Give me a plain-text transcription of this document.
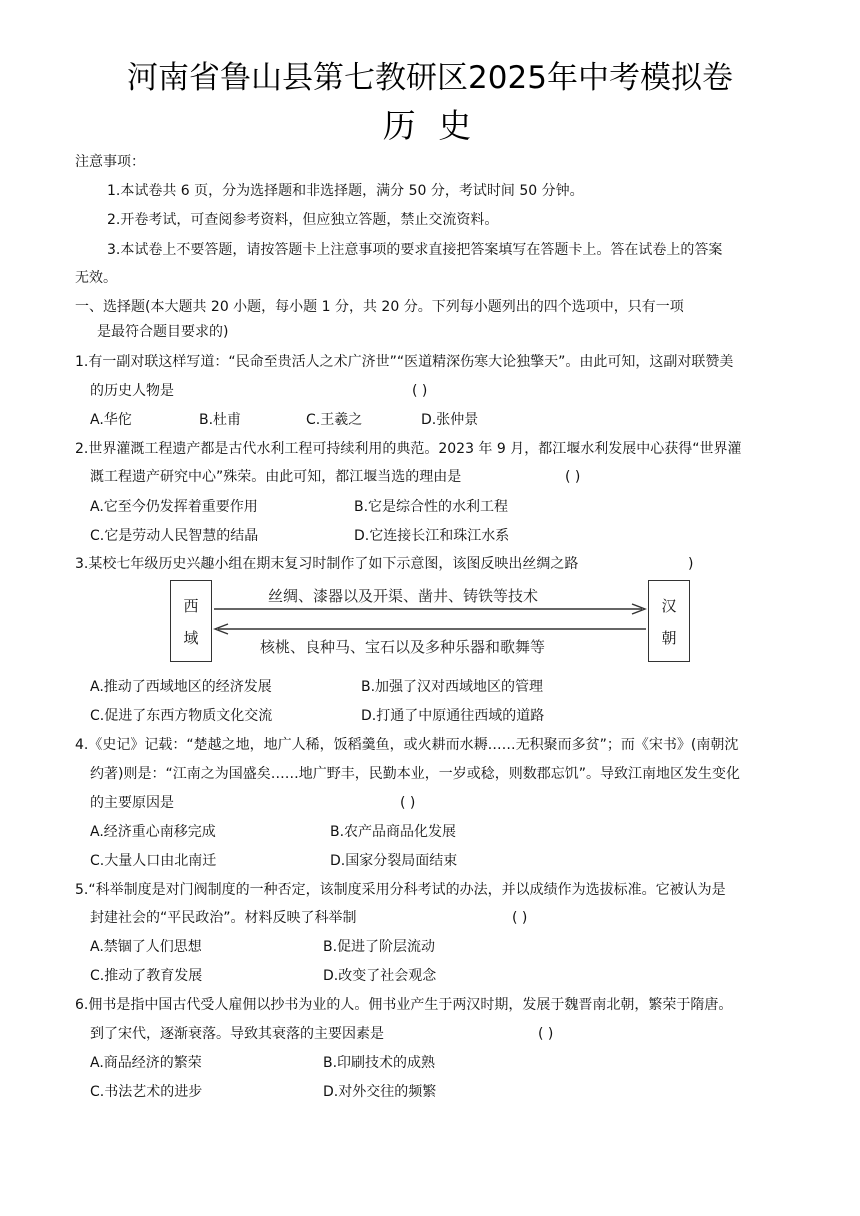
河南省鲁山县第七教研区2025年中考模拟卷
历 史
注意事项：
1.本试卷共 6 页，分为选择题和非选择题，满分 50 分，考试时间 50 分钟。
2.开卷考试，可查阅参考资料，但应独立答题，禁止交流资料。
3.本试卷上不要答题，请按答题卡上注意事项的要求直接把答案填写在答题卡上。答在试卷上的答案
无效。
一、选择题(本大题共 20 小题，每小题 1 分，共 20 分。下列每小题列出的四个选项中，只有一项
是最符合题目要求的)
1.有一副对联这样写道：“民命至贵活人之术广济世”“医道精深伤寒大论独擎天”。由此可知，这副对联赞美
的历史人物是	( )
A.华佗	B.杜甫	C.王羲之	D.张仲景
2.世界灌溉工程遗产都是古代水利工程可持续利用的典范。2023 年 9 月，都江堰水利发展中心获得“世界灌
溉工程遗产研究中心”殊荣。由此可知，都江堰当选的理由是	( )
A.它至今仍发挥着重要作用	B.它是综合性的水利工程
C.它是劳动人民智慧的结晶	D.它连接长江和珠江水系
3.某校七年级历史兴趣小组在期末复习时制作了如下示意图，该图反映出丝绸之路	)
西
域
汉
朝
丝绸、漆器以及开渠、凿井、铸铁等技术
核桃、良种马、宝石以及多种乐器和歌舞等
A.推动了西域地区的经济发展	B.加强了汉对西域地区的管理
C.促进了东西方物质文化交流	D.打通了中原通往西域的道路
4.《史记》记载：“楚越之地，地广人稀，饭稻羹鱼，或火耕而水耨……无积聚而多贫”；而《宋书》(南朝沈
约著)则是：“江南之为国盛矣……地广野丰，民勤本业，一岁或稔，则数郡忘饥”。导致江南地区发生变化
的主要原因是	( )
A.经济重心南移完成	B.农产品商品化发展
C.大量人口由北南迁	D.国家分裂局面结束
5.“科举制度是对门阀制度的一种否定，该制度采用分科考试的办法，并以成绩作为选拔标准。它被认为是
封建社会的“平民政治”。材料反映了科举制	( )
A.禁锢了人们思想	B.促进了阶层流动
C.推动了教育发展	D.改变了社会观念
6.佣书是指中国古代受人雇佣以抄书为业的人。佣书业产生于两汉时期，发展于魏晋南北朝，繁荣于隋唐。
到了宋代，逐渐衰落。导致其衰落的主要因素是	( )
A.商品经济的繁荣	B.印刷技术的成熟
C.书法艺术的进步	D.对外交往的频繁
